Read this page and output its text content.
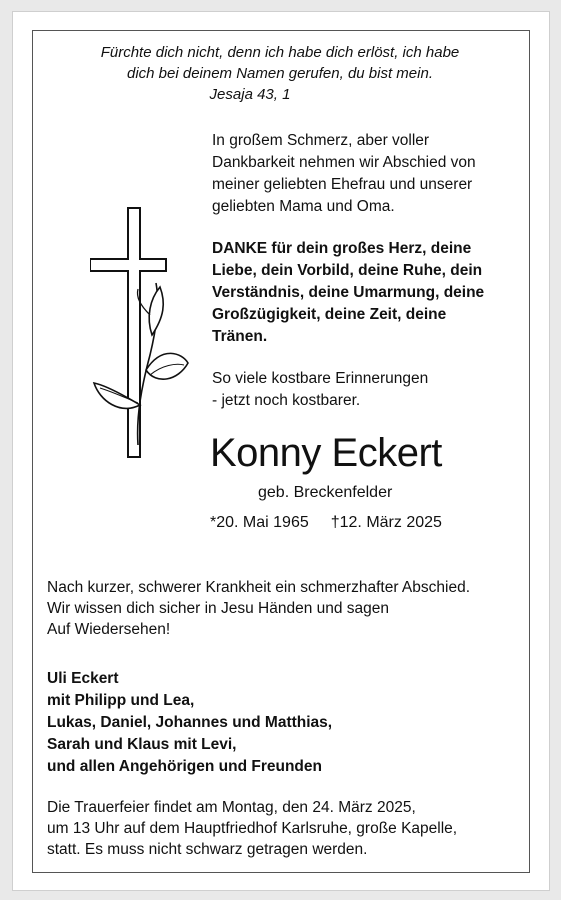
Fürchte dich nicht, denn ich habe dich erlöst, ich habe
dich bei deinem Namen gerufen, du bist mein.
Jesaja 43, 1
In großem Schmerz, aber voller
Dankbarkeit nehmen wir Abschied von
meiner geliebten Ehefrau und unserer
geliebten Mama und Oma.
DANKE für dein großes Herz, deine
Liebe, dein Vorbild, deine Ruhe, dein
Verständnis, deine Umarmung, deine
Großzügigkeit, deine Zeit, deine
Tränen.
So viele kostbare Erinnerungen
- jetzt noch kostbarer.
Konny Eckert
geb. Breckenfelder
*20. Mai 1965 †12. März 2025
Nach kurzer, schwerer Krankheit ein schmerzhafter Abschied.
Wir wissen dich sicher in Jesu Händen und sagen
Auf Wiedersehen!
Uli Eckert
mit Philipp und Lea,
Lukas, Daniel, Johannes und Matthias,
Sarah und Klaus mit Levi,
und allen Angehörigen und Freunden
Die Trauerfeier findet am Montag, den 24. März 2025,
um 13 Uhr auf dem Hauptfriedhof Karlsruhe, große Kapelle,
statt. Es muss nicht schwarz getragen werden.
